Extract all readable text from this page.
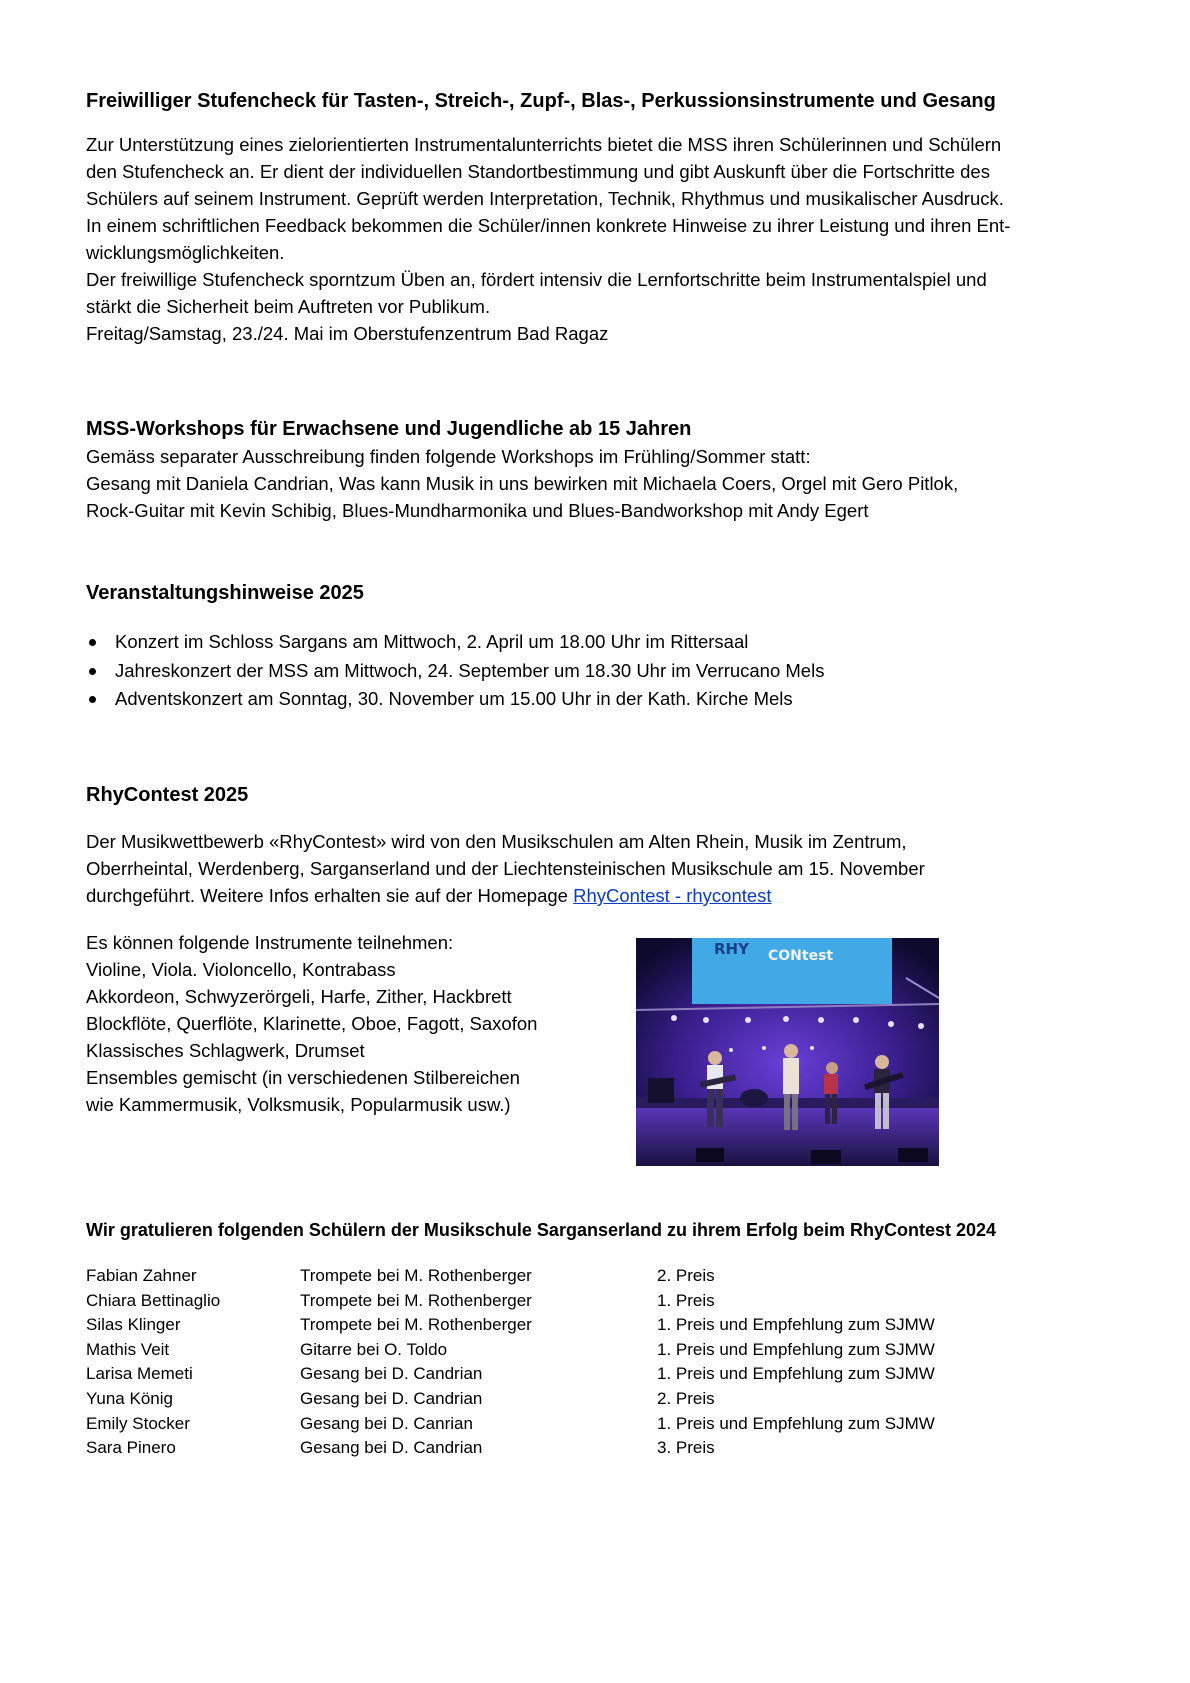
Freiwilliger Stufencheck für Tasten-, Streich-, Zupf-, Blas-, Perkussionsinstrumente und Gesang
Zur Unterstützung eines zielorientierten Instrumentalunterrichts bietet die MSS ihren Schülerinnen und Schülern
den Stufencheck an. Er dient der individuellen Standortbestimmung und gibt Auskunft über die Fortschritte des
Schülers auf seinem Instrument. Geprüft werden Interpretation, Technik, Rhythmus und musikalischer Ausdruck.
In einem schriftlichen Feedback bekommen die Schüler/innen konkrete Hinweise zu ihrer Leistung und ihren Ent-
wicklungsmöglichkeiten.
Der freiwillige Stufencheck sporntzum Üben an, fördert intensiv die Lernfortschritte beim Instrumentalspiel und
stärkt die Sicherheit beim Auftreten vor Publikum.
Freitag/Samstag, 23./24. Mai im Oberstufenzentrum Bad Ragaz
MSS-Workshops für Erwachsene und Jugendliche ab 15 Jahren
Gemäss separater Ausschreibung finden folgende Workshops im Frühling/Sommer statt:
Gesang mit Daniela Candrian, Was kann Musik in uns bewirken mit Michaela Coers, Orgel mit Gero Pitlok,
Rock-Guitar mit Kevin Schibig, Blues-Mundharmonika und Blues-Bandworkshop mit Andy Egert
Veranstaltungshinweise 2025
Konzert im Schloss Sargans am Mittwoch, 2. April um 18.00 Uhr im Rittersaal
Jahreskonzert der MSS am Mittwoch, 24. September um 18.30 Uhr im Verrucano Mels
Adventskonzert am Sonntag, 30. November um 15.00 Uhr in der Kath. Kirche Mels
RhyContest 2025
Der Musikwettbewerb «RhyContest» wird von den Musikschulen am Alten Rhein, Musik im Zentrum,
Oberrheintal, Werdenberg, Sarganserland und der Liechtensteinischen Musikschule am 15. November
durchgeführt. Weitere Infos erhalten sie auf der Homepage RhyContest - rhycontest
Es können folgende Instrumente teilnehmen:
Violine, Viola. Violoncello, Kontrabass
Akkordeon, Schwyzerörgeli, Harfe, Zither, Hackbrett
Blockflöte, Querflöte, Klarinette, Oboe, Fagott, Saxofon
Klassisches Schlagwerk, Drumset
Ensembles gemischt (in verschiedenen Stilbereichen
wie Kammermusik, Volksmusik, Popularmusik usw.)
RHY CONtest
Wir gratulieren folgenden Schülern der Musikschule Sarganserland zu ihrem Erfolg beim RhyContest 2024
Fabian Zahner	Trompete bei M. Rothenberger	2. Preis
Chiara Bettinaglio	Trompete bei M. Rothenberger	1. Preis
Silas Klinger	Trompete bei M. Rothenberger	1. Preis und Empfehlung zum SJMW
Mathis Veit	Gitarre bei O. Toldo	1. Preis und Empfehlung zum SJMW
Larisa Memeti	Gesang bei D. Candrian	1. Preis und Empfehlung zum SJMW
Yuna König	Gesang bei D. Candrian	2. Preis
Emily Stocker	Gesang bei D. Canrian	1. Preis und Empfehlung zum SJMW
Sara Pinero	Gesang bei D. Candrian	3. Preis
